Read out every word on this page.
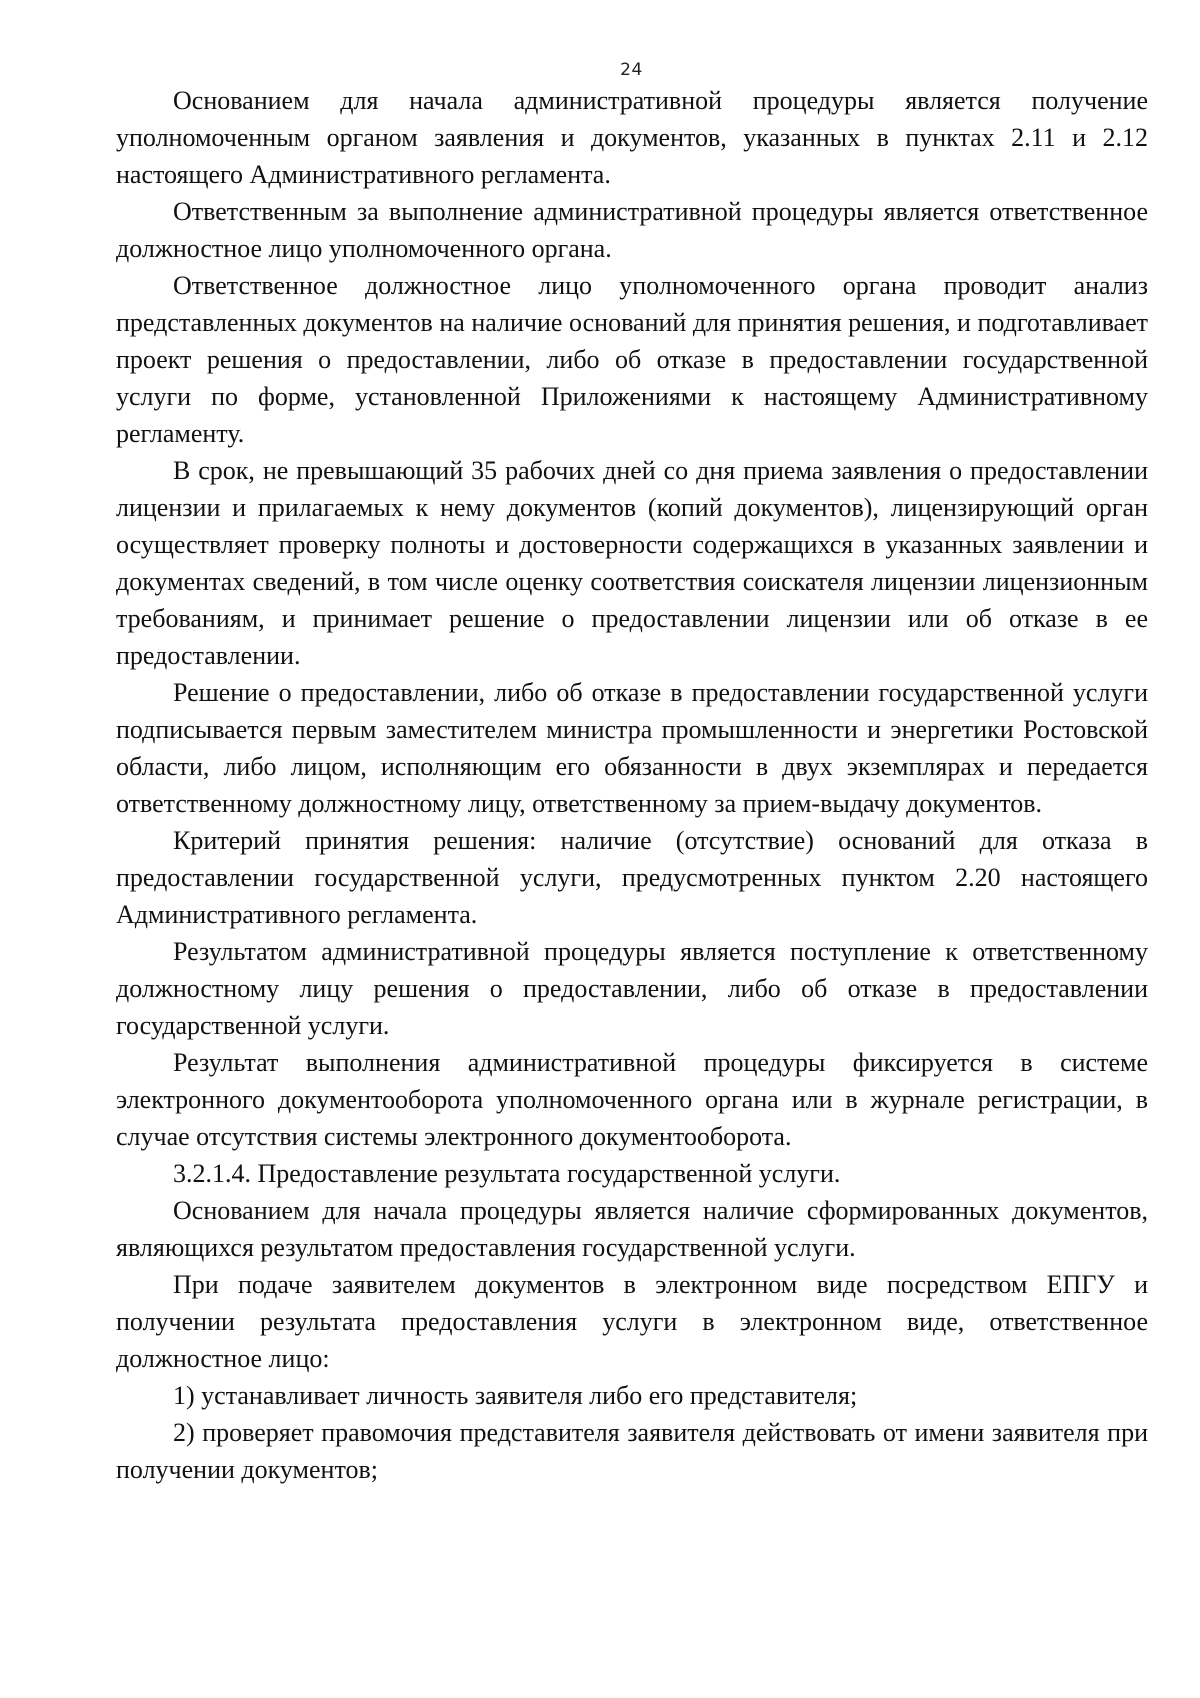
24

Основанием для начала административной процедуры является получение уполномоченным органом заявления и документов, указанных в пунктах 2.11 и 2.12 настоящего Административного регламента.

Ответственным за выполнение административной процедуры является ответственное должностное лицо уполномоченного органа.

Ответственное должностное лицо уполномоченного органа проводит анализ представленных документов на наличие оснований для принятия решения, и подготавливает проект решения о предоставлении, либо об отказе в предоставлении государственной услуги по форме, установленной Приложениями к настоящему Административному регламенту.

В срок, не превышающий 35 рабочих дней со дня приема заявления о предоставлении лицензии и прилагаемых к нему документов (копий документов), лицензирующий орган осуществляет проверку полноты и достоверности содержащихся в указанных заявлении и документах сведений, в том числе оценку соответствия соискателя лицензии лицензионным требованиям, и принимает решение о предоставлении лицензии или об отказе в ее предоставлении.

Решение о предоставлении, либо об отказе в предоставлении государственной услуги подписывается первым заместителем министра промышленности и энергетики Ростовской области, либо лицом, исполняющим его обязанности в двух экземплярах и передается ответственному должностному лицу, ответственному за прием-выдачу документов.

Критерий принятия решения: наличие (отсутствие) оснований для отказа в предоставлении государственной услуги, предусмотренных пунктом 2.20 настоящего Административного регламента.

Результатом административной процедуры является поступление к ответственному должностному лицу решения о предоставлении, либо об отказе в предоставлении государственной услуги.

Результат выполнения административной процедуры фиксируется в системе электронного документооборота уполномоченного органа или в журнале регистрации, в случае отсутствия системы электронного документооборота.

3.2.1.4. Предоставление результата государственной услуги.

Основанием для начала процедуры является наличие сформированных документов, являющихся результатом предоставления государственной услуги.

При подаче заявителем документов в электронном виде посредством ЕПГУ и получении результата предоставления услуги в электронном виде, ответственное должностное лицо:

1) устанавливает личность заявителя либо его представителя;

2) проверяет правомочия представителя заявителя действовать от имени заявителя при получении документов;
